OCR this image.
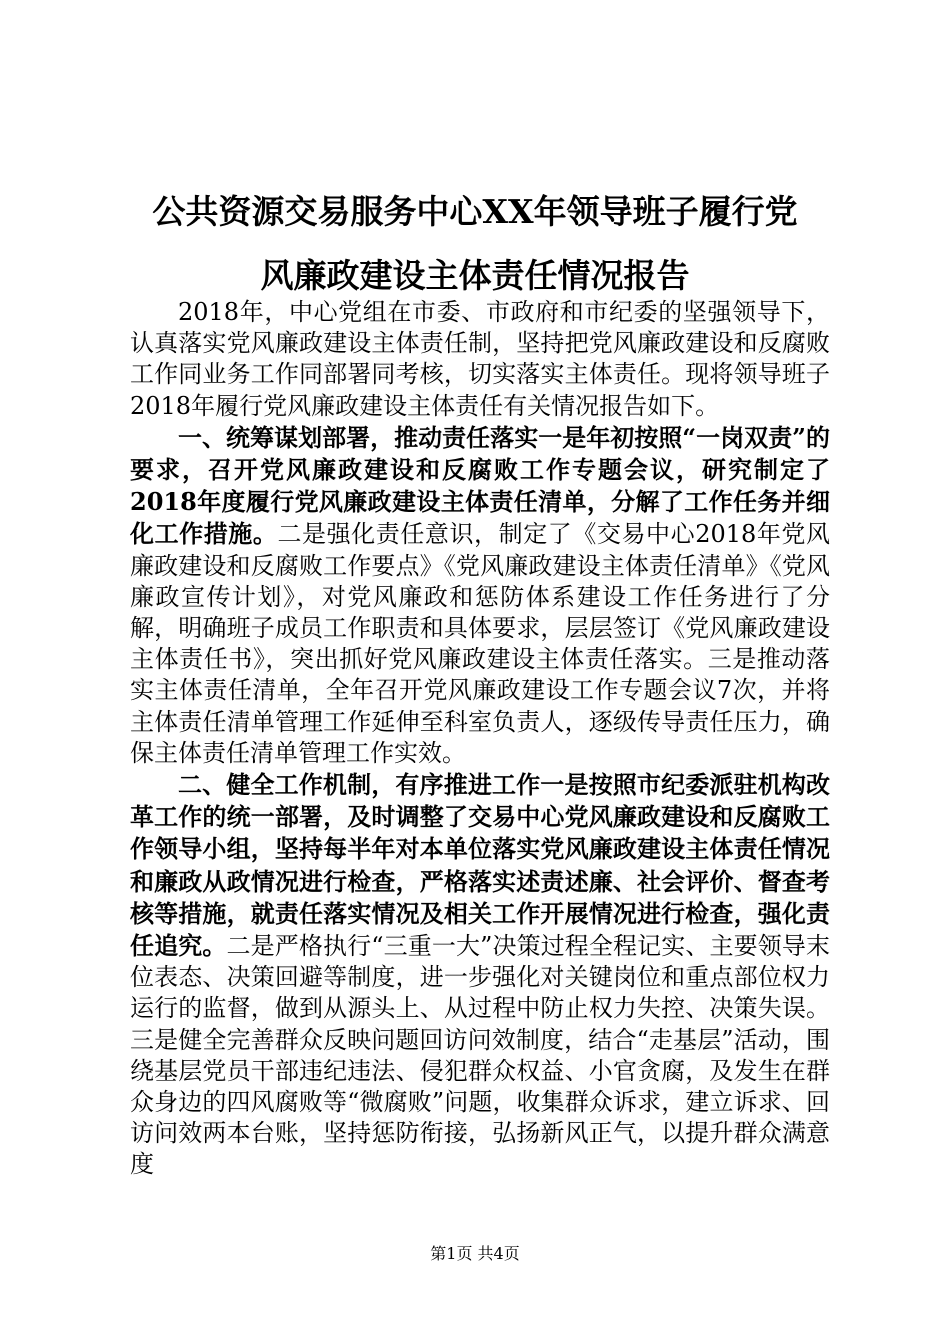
公共资源交易服务中心XX年领导班子履行党
风廉政建设主体责任情况报告

2018年，中心党组在市委、市政府和市纪委的坚强领导下，认真落实党风廉政建设主体责任制，坚持把党风廉政建设和反腐败工作同业务工作同部署同考核，切实落实主体责任。现将领导班子2018年履行党风廉政建设主体责任有关情况报告如下。

一、统筹谋划部署，推动责任落实一是年初按照“一岗双责”的要求，召开党风廉政建设和反腐败工作专题会议，研究制定了2018年度履行党风廉政建设主体责任清单，分解了工作任务并细化工作措施。二是强化责任意识，制定了《交易中心2018年党风廉政建设和反腐败工作要点》《党风廉政建设主体责任清单》《党风廉政宣传计划》，对党风廉政和惩防体系建设工作任务进行了分解，明确班子成员工作职责和具体要求，层层签订《党风廉政建设主体责任书》，突出抓好党风廉政建设主体责任落实。三是推动落实主体责任清单，全年召开党风廉政建设工作专题会议7次，并将主体责任清单管理工作延伸至科室负责人，逐级传导责任压力，确保主体责任清单管理工作实效。

二、健全工作机制，有序推进工作一是按照市纪委派驻机构改革工作的统一部署，及时调整了交易中心党风廉政建设和反腐败工作领导小组，坚持每半年对本单位落实党风廉政建设主体责任情况和廉政从政情况进行检查，严格落实述责述廉、社会评价、督查考核等措施，就责任落实情况及相关工作开展情况进行检查，强化责任追究。二是严格执行“三重一大”决策过程全程记实、主要领导末位表态、决策回避等制度，进一步强化对关键岗位和重点部位权力运行的监督，做到从源头上、从过程中防止权力失控、决策失误。三是健全完善群众反映问题回访问效制度，结合“走基层”活动，围绕基层党员干部违纪违法、侵犯群众权益、小官贪腐，及发生在群众身边的四风腐败等“微腐败”问题，收集群众诉求，建立诉求、回访问效两本台账，坚持惩防衔接，弘扬新风正气，以提升群众满意度

第1页 共4页
